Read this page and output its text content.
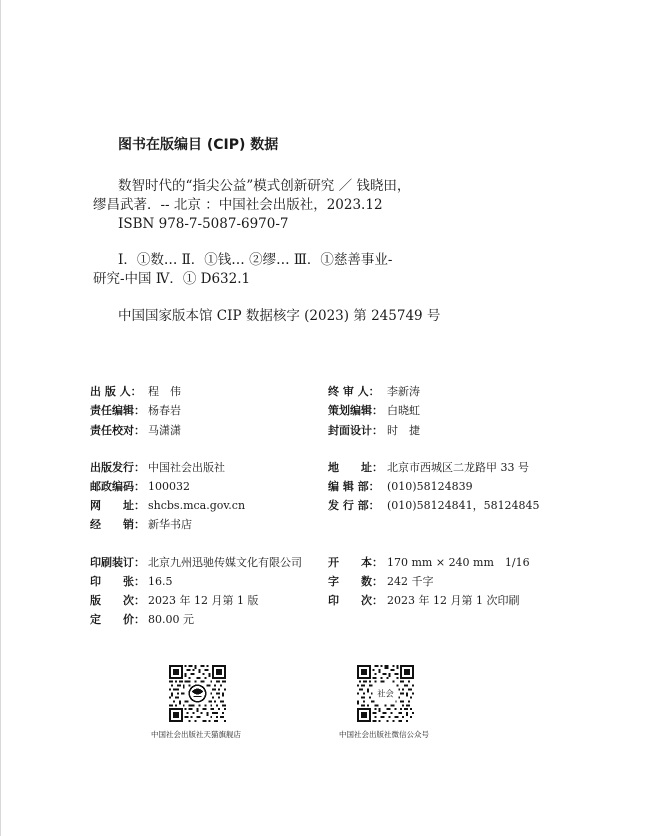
图书在版编目 (CIP) 数据
数智时代的“指尖公益”模式创新研究 ／ 钱晓田，
缪昌武著．-- 北京 ：中国社会出版社，2023.12
ISBN 978-7-5087-6970-7
Ⅰ．①数… Ⅱ．①钱… ②缪… Ⅲ．①慈善事业-
研究-中国 Ⅳ．① D632.1
中国国家版本馆 CIP 数据核字 (2023) 第 245749 号
出 版 人： 程　伟
责任编辑： 杨春岩
责任校对： 马潇潇
出版发行： 中国社会出版社
邮政编码： 100032
网　　址： shcbs.mca.gov.cn
经　　销： 新华书店
印刷装订： 北京九州迅驰传媒文化有限公司
印　　张： 16.5
版　　次： 2023 年 12 月第 1 版
定　　价： 80.00 元
终 审 人： 李新涛
策划编辑： 白晓虹
封面设计： 时　捷
地　　址： 北京市西城区二龙路甲 33 号
编 辑 部： (010)58124839
发 行 部： (010)58124841，58124845
开　　本： 170 mm × 240 mm　1/16
字　　数： 242 千字
印　　次： 2023 年 12 月第 1 次印刷
中国社会出版社天猫旗舰店
社会
中国社会出版社微信公众号
